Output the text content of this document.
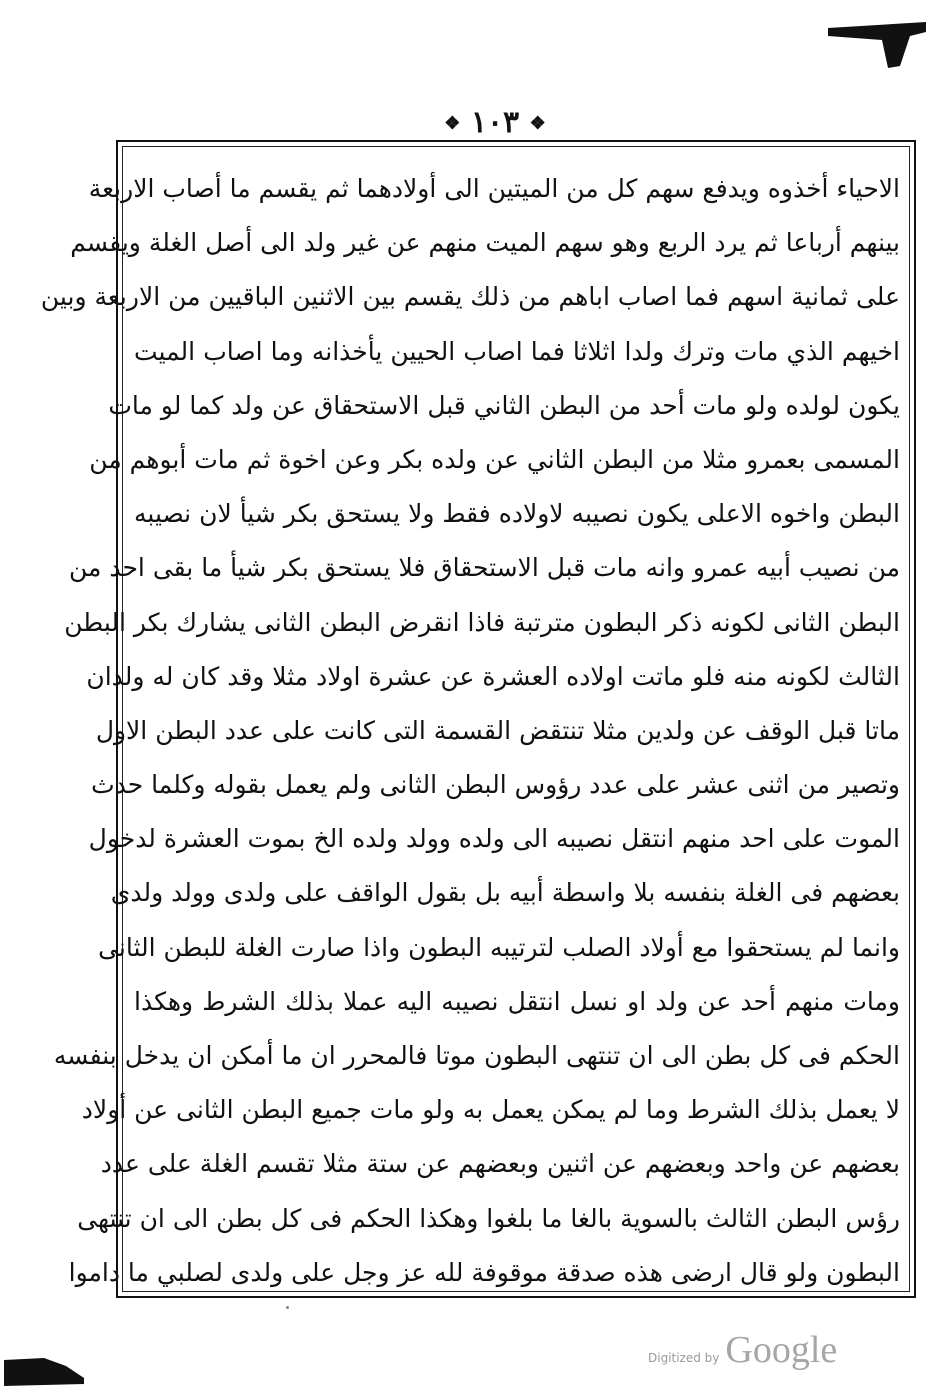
❖ ١٠٣ ❖
الاحياء أخذوه ويدفع سهم كل من الميتين الى أولادهما ثم يقسم ما أصاب الاربعة
بينهم أرباعا ثم يرد الربع وهو سهم الميت منهم عن غير ولد الى أصل الغلة ويقسم
على ثمانية اسهم فما اصاب اباهم من ذلك يقسم بين الاثنين الباقيين من الاربعة وبين
اخيهم الذي مات وترك ولدا اثلاثا فما اصاب الحيين يأخذانه وما اصاب الميت
يكون لولده ولو مات أحد من البطن الثاني قبل الاستحقاق عن ولد كما لو مات
المسمى بعمرو مثلا من البطن الثاني عن ولده بكر وعن اخوة ثم مات أبوهم من
البطن واخوه الاعلى يكون نصيبه لاولاده فقط ولا يستحق بكر شيأ لان نصيبه
من نصيب أبيه عمرو وانه مات قبل الاستحقاق فلا يستحق بكر شيأ ما بقى احد من
البطن الثانى لكونه ذكر البطون مترتبة فاذا انقرض البطن الثانى يشارك بكر البطن
الثالث لكونه منه فلو ماتت اولاده العشرة عن عشرة اولاد مثلا وقد كان له ولدان
ماتا قبل الوقف عن ولدين مثلا تنتقض القسمة التى كانت على عدد البطن الاول
وتصير من اثنى عشر على عدد رؤوس البطن الثانى ولم يعمل بقوله وكلما حدث
الموت على احد منهم انتقل نصيبه الى ولده وولد ولده الخ بموت العشرة لدخول
بعضهم فى الغلة بنفسه بلا واسطة أبيه بل بقول الواقف على ولدى وولد ولدى
وانما لم يستحقوا مع أولاد الصلب لترتيبه البطون واذا صارت الغلة للبطن الثانى
ومات منهم أحد عن ولد او نسل انتقل نصيبه اليه عملا بذلك الشرط وهكذا
الحكم فى كل بطن الى ان تنتهى البطون موتا فالمحرر ان ما أمكن ان يدخل بنفسه
لا يعمل بذلك الشرط وما لم يمكن يعمل به ولو مات جميع البطن الثانى عن أولاد
بعضهم عن واحد وبعضهم عن اثنين وبعضهم عن ستة مثلا تقسم الغلة على عدد
رؤس البطن الثالث بالسوية بالغا ما بلغوا وهكذا الحكم فى كل بطن الى ان تنتهى
البطون ولو قال ارضى هذه صدقة موقوفة لله عز وجل على ولدى لصلبي ما داموا
Digitized by Google
